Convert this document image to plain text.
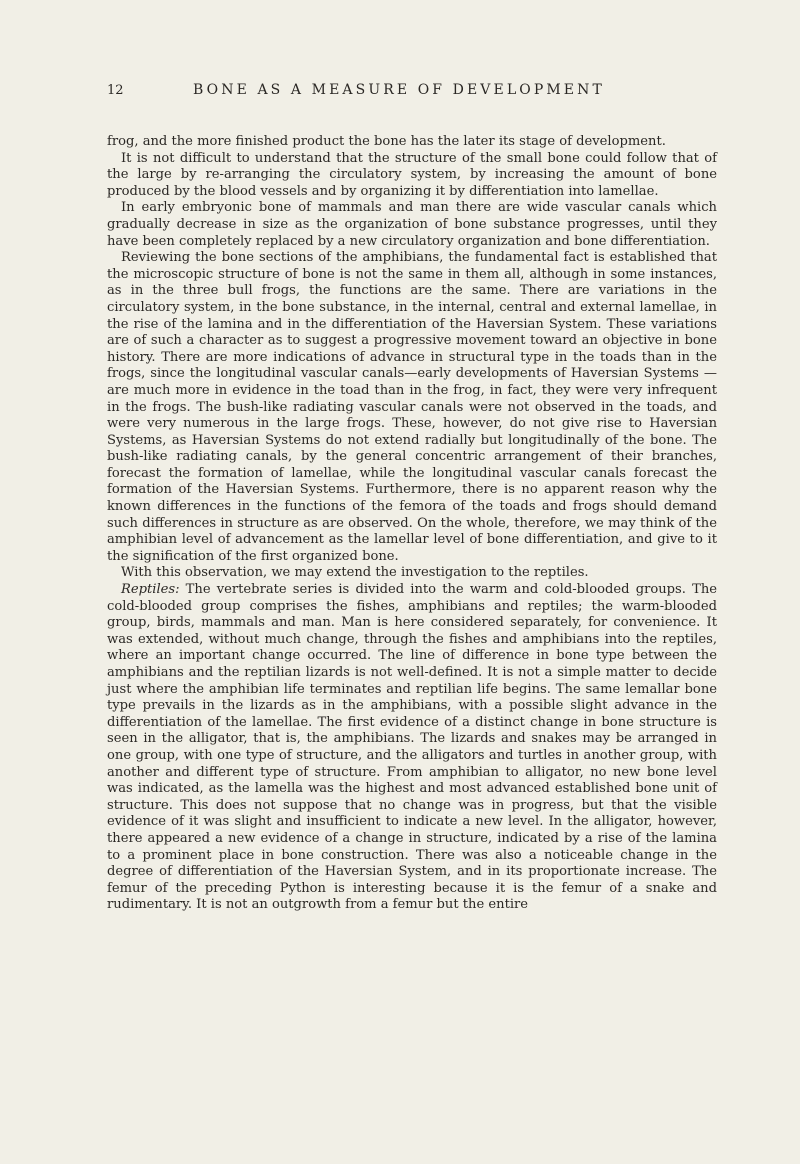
12	BONE AS A MEASURE OF DEVELOPMENT

frog, and the more finished product the bone has the later its stage of development.

It is not difficult to understand that the structure of the small bone could follow that of the large by re-arranging the circulatory system, by increasing the amount of bone produced by the blood vessels and by organizing it by differentiation into lamellae.

In early embryonic bone of mammals and man there are wide vascular canals which gradually decrease in size as the organization of bone substance progresses, until they have been completely replaced by a new circulatory organization and bone differentiation.

Reviewing the bone sections of the amphibians, the fundamental fact is established that the microscopic structure of bone is not the same in them all, although in some instances, as in the three bull frogs, the functions are the same. There are variations in the circulatory system, in the bone substance, in the internal, central and external lamellae, in the rise of the lamina and in the differentiation of the Haversian System. These variations are of such a character as to suggest a progressive movement toward an objective in bone history. There are more indications of advance in structural type in the toads than in the frogs, since the longitudinal vascular canals—early developments of Haversian Systems —are much more in evidence in the toad than in the frog, in fact, they were very infrequent in the frogs. The bush-like radiating vascular canals were not observed in the toads, and were very numerous in the large frogs. These, however, do not give rise to Haversian Systems, as Haversian Systems do not extend radially but longitudinally of the bone. The bush-like radiating canals, by the general concentric arrangement of their branches, forecast the formation of lamellae, while the longitudinal vascular canals forecast the formation of the Haversian Systems. Furthermore, there is no apparent reason why the known differences in the functions of the femora of the toads and frogs should demand such differences in structure as are observed. On the whole, therefore, we may think of the amphibian level of advancement as the lamellar level of bone differentiation, and give to it the signification of the first organized bone.

With this observation, we may extend the investigation to the reptiles.

Reptiles: The vertebrate series is divided into the warm and cold-blooded groups. The cold-blooded group comprises the fishes, amphibians and reptiles; the warm-blooded group, birds, mammals and man. Man is here considered separately, for convenience. It was extended, without much change, through the fishes and amphibians into the reptiles, where an important change occurred. The line of difference in bone type between the amphibians and the reptilian lizards is not well-defined. It is not a simple matter to decide just where the amphibian life terminates and reptilian life begins. The same lemallar bone type prevails in the lizards as in the amphibians, with a possible slight advance in the differentiation of the lamellae. The first evidence of a distinct change in bone structure is seen in the alligator, that is, the amphibians. The lizards and snakes may be arranged in one group, with one type of structure, and the alligators and turtles in another group, with another and different type of structure. From amphibian to alligator, no new bone level was indicated, as the lamella was the highest and most advanced established bone unit of structure. This does not suppose that no change was in progress, but that the visible evidence of it was slight and insufficient to indicate a new level. In the alligator, however, there appeared a new evidence of a change in structure, indicated by a rise of the lamina to a prominent place in bone construction. There was also a noticeable change in the degree of differentiation of the Haversian System, and in its proportionate increase. The femur of the preceding Python is interesting because it is the femur of a snake and rudimentary. It is not an outgrowth from a femur but the entire
